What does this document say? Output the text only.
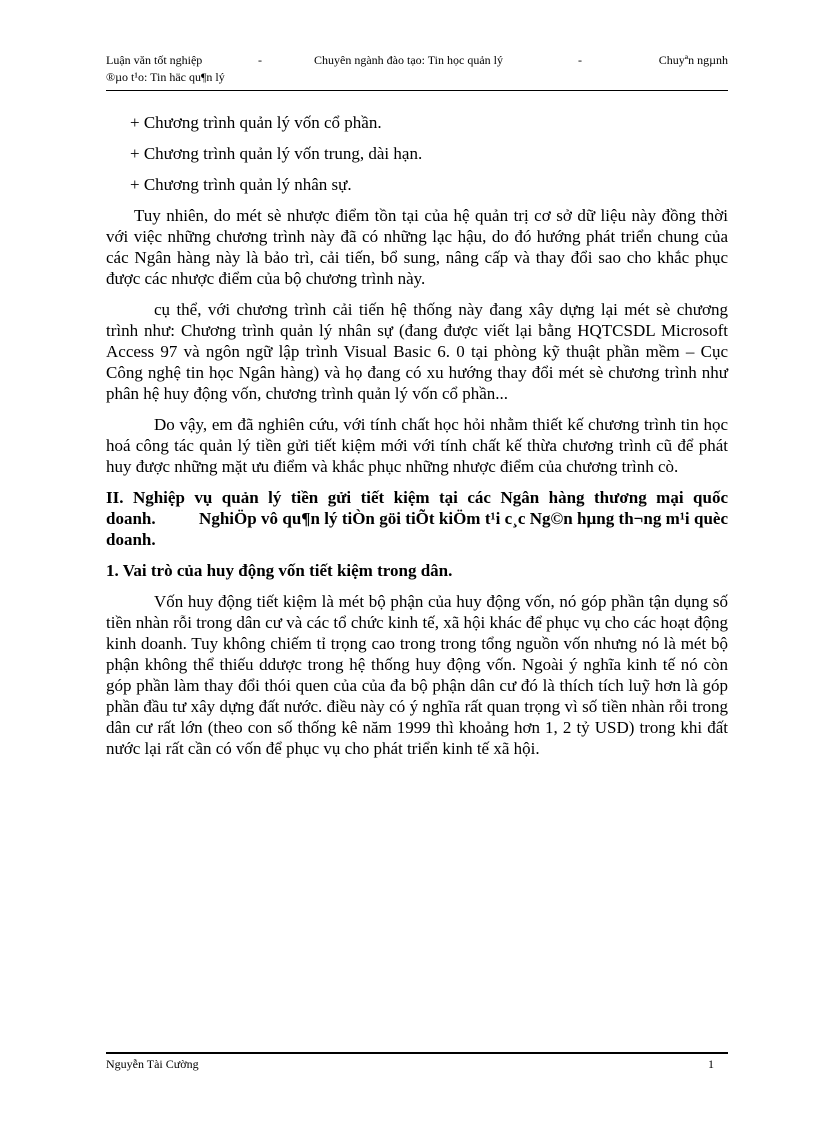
Luận văn tốt nghiệp	-	Chuyên ngành đào tạo: Tin học quản lý	-	Chuyªn ngµnh
®µo t¹o: Tin häc qu¶n lý

+ Chương trình quản lý vốn cổ phần.

+ Chương trình quản lý vốn trung, dài hạn.

+ Chương trình quản lý nhân sự.

Tuy nhiên, do mét sè nhược điểm tồn tại của hệ quản trị cơ sở dữ liệu này đồng thời với việc những chương trình này đã có những lạc hậu, do đó hướng phát triển chung của các Ngân hàng này là bảo trì, cải tiến, bổ sung, nâng cấp và thay đổi sao cho khắc phục được các nhược điểm của bộ chương trình này.

cụ thể, với chương trình cải tiến hệ thống này đang xây dựng lại mét sè chương trình như: Chương trình quản lý nhân sự (đang được viết lại bằng HQTCSDL Microsoft Access 97 và ngôn ngữ lập trình Visual Basic 6. 0 tại phòng kỹ thuật phần mềm – Cục Công nghệ tin học Ngân hàng) và họ đang có xu hướng thay đổi mét sè chương trình như phân hệ huy động vốn, chương trình quản lý vốn cổ phần...

Do vậy, em đã nghiên cứu, với tính chất học hỏi nhằm thiết kế chương trình tin học hoá công tác quản lý tiền gửi tiết kiệm mới với tính chất kế thừa chương trình cũ để phát huy được những mặt ưu điểm và khắc phục những nhược điểm của chương trình cò.

II. Nghiệp vụ quản lý tiền gửi tiết kiệm tại các Ngân hàng thương mại quốc doanh.          NghiÖp vô qu¶n lý tiÒn göi tiÕt kiÖm t¹i c¸c Ng©n hµng th¬ng m¹i quèc doanh.

1. Vai trò của huy động vốn tiết kiệm trong dân.

Vốn huy động tiết kiệm là mét bộ phận của huy động vốn, nó góp phần tận dụng số tiền nhàn rỗi trong dân cư và các tổ chức kinh tế, xã hội khác để phục vụ cho các hoạt động kinh doanh. Tuy không chiếm tỉ trọng cao trong trong tổng nguồn vốn nhưng nó là mét bộ phận không thể thiếu ddược trong hệ thống huy động vốn. Ngoài ý nghĩa kinh tế nó còn góp phần làm thay đổi thói quen của của đa bộ phận dân cư đó là thích tích luỹ hơn là góp phần đầu tư xây dựng đất nước. điều này có ý nghĩa rất quan trọng vì số tiền nhàn rỗi trong dân cư rất lớn (theo con số thống kê năm 1999 thì khoảng hơn 1, 2 tỷ USD) trong khi đất nước lại rất cần có vốn để phục vụ cho phát triển kinh tế xã hội.

Nguyễn Tài Cường	1
